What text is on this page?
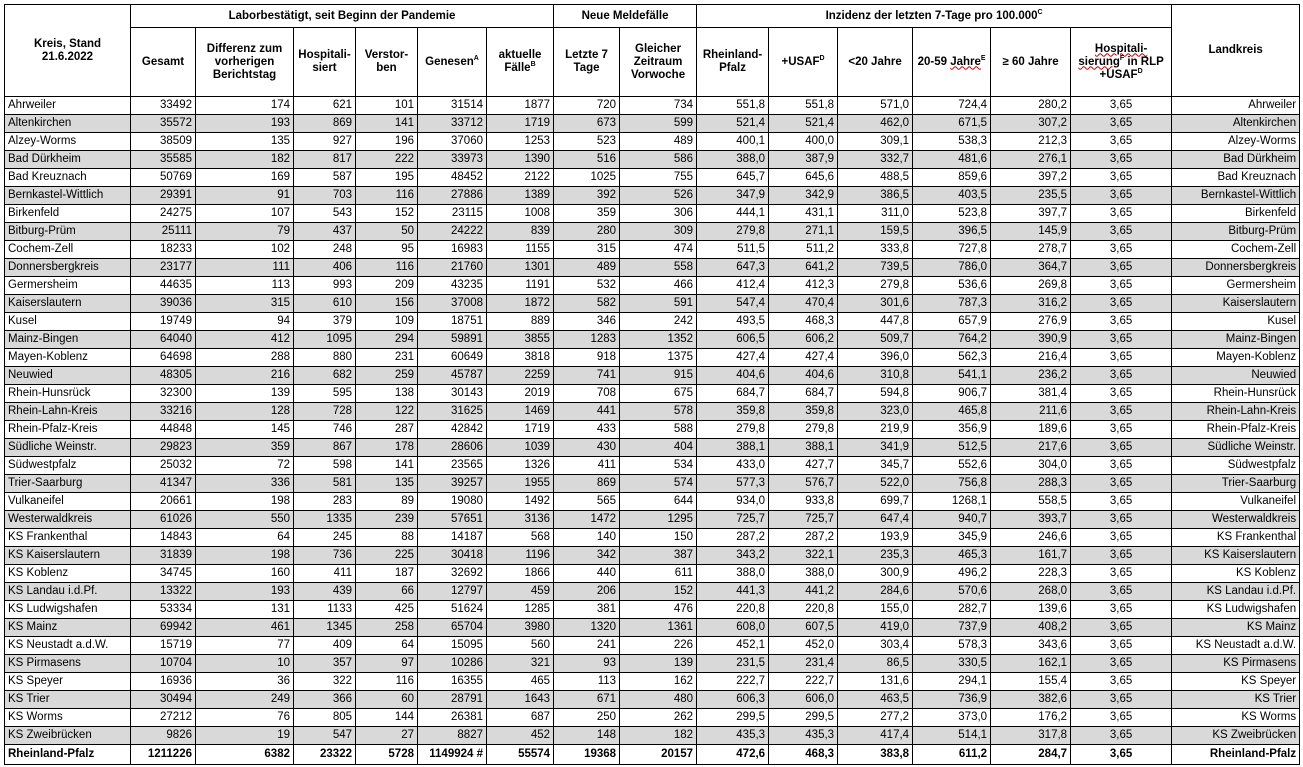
Kreis, Stand 21.6.2022	Laborbestätigt, seit Beginn der Pandemie						Neue Meldefälle		Inzidenz der letzten 7-Tage pro $100.000^C$						Landkreis
	Gesamt	Differenz zum vorherigen Berichtstag	Hospitali-siert	Verstor-ben	Genesen$^A$	aktuelle Fälle$^B$	Letzte 7 Tage	Gleicher Zeitraum Vorwoche	Rheinland-Pfalz	$+USAF^D$	<20 Jahre	20-59 Jahre$^E$	≥ 60 Jahre	Hospitali-sierung$^F$ in RLP $+USAF^D$
Ahrweiler	33492	174	621	101	31514	1877	720	734	551,8	551,8	571,0	724,4	280,2	3,65	Ahrweiler
Altenkirchen	35572	193	869	141	33712	1719	673	599	521,4	521,4	462,0	671,5	307,2	3,65	Altenkirchen
Alzey-Worms	38509	135	927	196	37060	1253	523	489	400,1	400,0	309,1	538,3	212,3	3,65	Alzey-Worms
Bad Dürkheim	35585	182	817	222	33973	1390	516	586	388,0	387,9	332,7	481,6	276,1	3,65	Bad Dürkheim
Bad Kreuznach	50769	169	587	195	48452	2122	1025	755	645,7	645,6	488,5	859,6	397,2	3,65	Bad Kreuznach
Bernkastel-Wittlich	29391	91	703	116	27886	1389	392	526	347,9	342,9	386,5	403,5	235,5	3,65	Bernkastel-Wittlich
Birkenfeld	24275	107	543	152	23115	1008	359	306	444,1	431,1	311,0	523,8	397,7	3,65	Birkenfeld
Bitburg-Prüm	25111	79	437	50	24222	839	280	309	279,8	271,1	159,5	396,5	145,9	3,65	Bitburg-Prüm
Cochem-Zell	18233	102	248	95	16983	1155	315	474	511,5	511,2	333,8	727,8	278,7	3,65	Cochem-Zell
Donnersbergkreis	23177	111	406	116	21760	1301	489	558	647,3	641,2	739,5	786,0	364,7	3,65	Donnersbergkreis
Germersheim	44635	113	993	209	43235	1191	532	466	412,4	412,3	279,8	536,6	269,8	3,65	Germersheim
Kaiserslautern	39036	315	610	156	37008	1872	582	591	547,4	470,4	301,6	787,3	316,2	3,65	Kaiserslautern
Kusel	19749	94	379	109	18751	889	346	242	493,5	468,3	447,8	657,9	276,9	3,65	Kusel
Mainz-Bingen	64040	412	1095	294	59891	3855	1283	1352	606,5	606,2	509,7	764,2	390,9	3,65	Mainz-Bingen
Mayen-Koblenz	64698	288	880	231	60649	3818	918	1375	427,4	427,4	396,0	562,3	216,4	3,65	Mayen-Koblenz
Neuwied	48305	216	682	259	45787	2259	741	915	404,6	404,6	310,8	541,1	236,2	3,65	Neuwied
Rhein-Hunsrück	32300	139	595	138	30143	2019	708	675	684,7	684,7	594,8	906,7	381,4	3,65	Rhein-Hunsrück
Rhein-Lahn-Kreis	33216	128	728	122	31625	1469	441	578	359,8	359,8	323,0	465,8	211,6	3,65	Rhein-Lahn-Kreis
Rhein-Pfalz-Kreis	44848	145	746	287	42842	1719	433	588	279,8	279,8	219,9	356,9	189,6	3,65	Rhein-Pfalz-Kreis
Südliche Weinstr.	29823	359	867	178	28606	1039	430	404	388,1	388,1	341,9	512,5	217,6	3,65	Südliche Weinstr.
Südwestpfalz	25032	72	598	141	23565	1326	411	534	433,0	427,7	345,7	552,6	304,0	3,65	Südwestpfalz
Trier-Saarburg	41347	336	581	135	39257	1955	869	574	577,3	576,7	522,0	756,8	288,3	3,65	Trier-Saarburg
Vulkaneifel	20661	198	283	89	19080	1492	565	644	934,0	933,8	699,7	1268,1	558,5	3,65	Vulkaneifel
Westerwaldkreis	61026	550	1335	239	57651	3136	1472	1295	725,7	725,7	647,4	940,7	393,7	3,65	Westerwaldkreis
KS Frankenthal	14843	64	245	88	14187	568	140	150	287,2	287,2	193,9	345,9	246,6	3,65	KS Frankenthal
KS Kaiserslautern	31839	198	736	225	30418	1196	342	387	343,2	322,1	235,3	465,3	161,7	3,65	KS Kaiserslautern
KS Koblenz	34745	160	411	187	32692	1866	440	611	388,0	388,0	300,9	496,2	228,3	3,65	KS Koblenz
KS Landau i.d.Pf.	13322	193	439	66	12797	459	206	152	441,3	441,2	284,6	570,6	268,0	3,65	KS Landau i.d.Pf.
KS Ludwigshafen	53334	131	1133	425	51624	1285	381	476	220,8	220,8	155,0	282,7	139,6	3,65	KS Ludwigshafen
KS Mainz	69942	461	1345	258	65704	3980	1320	1361	608,0	607,5	419,0	737,9	408,2	3,65	KS Mainz
KS Neustadt a.d.W.	15719	77	409	64	15095	560	241	226	452,1	452,0	303,4	578,3	343,6	3,65	KS Neustadt a.d.W.
KS Pirmasens	10704	10	357	97	10286	321	93	139	231,5	231,4	86,5	330,5	162,1	3,65	KS Pirmasens
KS Speyer	16936	36	322	116	16355	465	113	162	222,7	222,7	131,6	294,1	155,4	3,65	KS Speyer
KS Trier	30494	249	366	60	28791	1643	671	480	606,3	606,0	463,5	736,9	382,6	3,65	KS Trier
KS Worms	27212	76	805	144	26381	687	250	262	299,5	299,5	277,2	373,0	176,2	3,65	KS Worms
KS Zweibrücken	9826	19	547	27	8827	452	148	182	435,3	435,3	417,4	514,1	317,8	3,65	KS Zweibrücken
Rheinland-Pfalz	1211226	6382	23322	5728	1149924 #	55574	19368	20157	472,6	468,3	383,8	611,2	284,7	3,65	Rheinland-Pfalz
